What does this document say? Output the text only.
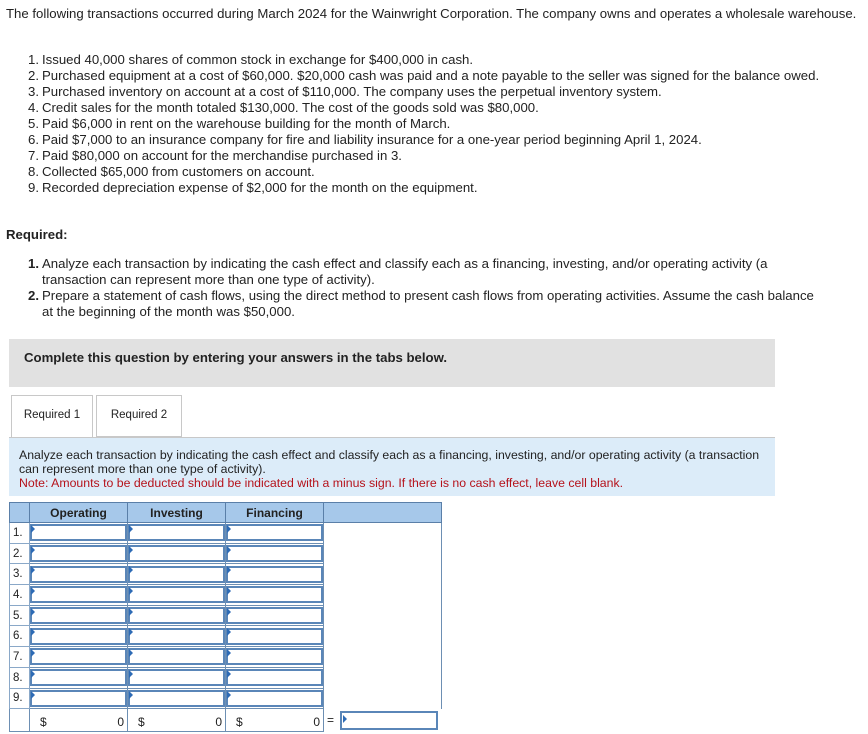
The following transactions occurred during March 2024 for the Wainwright Corporation. The company owns and operates a wholesale warehouse.

1. Issued 40,000 shares of common stock in exchange for $400,000 in cash.
2. Purchased equipment at a cost of $60,000. $20,000 cash was paid and a note payable to the seller was signed for the balance owed.
3. Purchased inventory on account at a cost of $110,000. The company uses the perpetual inventory system.
4. Credit sales for the month totaled $130,000. The cost of the goods sold was $80,000.
5. Paid $6,000 in rent on the warehouse building for the month of March.
6. Paid $7,000 to an insurance company for fire and liability insurance for a one-year period beginning April 1, 2024.
7. Paid $80,000 on account for the merchandise purchased in 3.
8. Collected $65,000 from customers on account.
9. Recorded depreciation expense of $2,000 for the month on the equipment.
Required:
1. Analyze each transaction by indicating the cash effect and classify each as a financing, investing, and/or operating activity (a transaction can represent more than one type of activity).
2. Prepare a statement of cash flows, using the direct method to present cash flows from operating activities. Assume the cash balance at the beginning of the month was $50,000.
Complete this question by entering your answers in the tabs below.
Required 1	Required 2
Analyze each transaction by indicating the cash effect and classify each as a financing, investing, and/or operating activity (a transaction can represent more than one type of activity).
Note: Amounts to be deducted should be indicated with a minus sign. If there is no cash effect, leave cell blank.
	Operating	Investing	Financing	
1.	

2.		

3.		

4.		

5.		

6.		

7.		

8.		

9.		

	$ 0	$ 0	$ 0	=
